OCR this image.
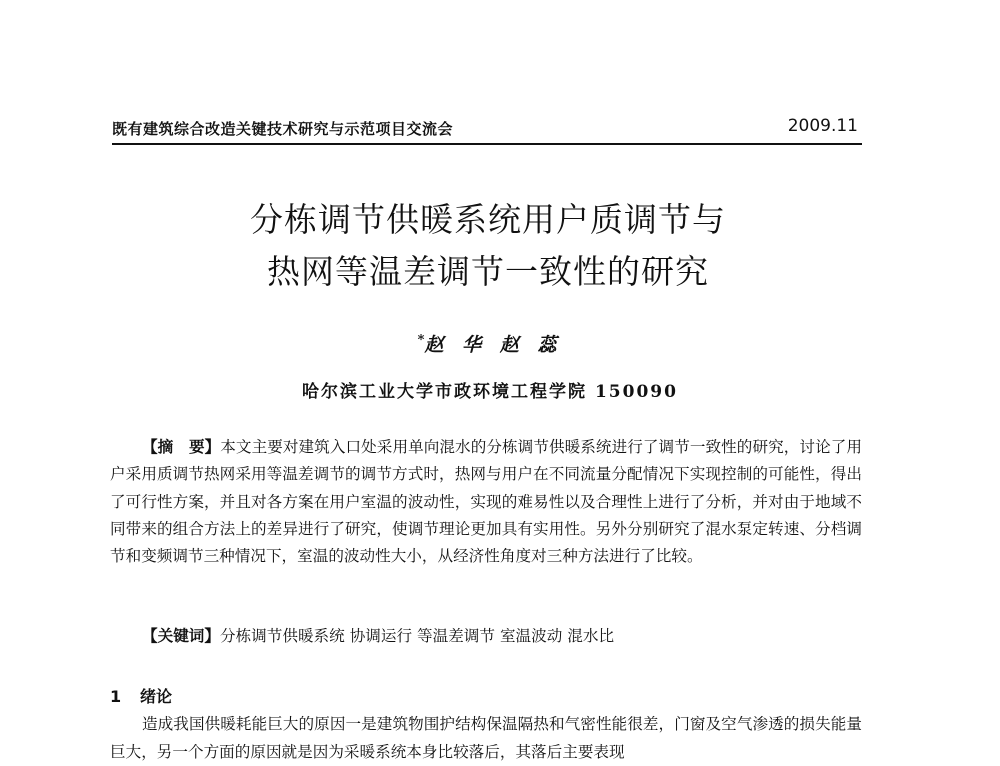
既有建筑综合改造关键技术研究与示范项目交流会	2009.11
分栋调节供暖系统用户质调节与
热网等温差调节一致性的研究
*赵 华 赵 蕊
哈尔滨工业大学市政环境工程学院 150090

【摘　要】本文主要对建筑入口处采用单向混水的分栋调节供暖系统进行了调节一致性的研究，讨论了用户采用质调节热网采用等温差调节的调节方式时，热网与用户在不同流量分配情况下实现控制的可能性，得出了可行性方案，并且对各方案在用户室温的波动性，实现的难易性以及合理性上进行了分析，并对由于地域不同带来的组合方法上的差异进行了研究，使调节理论更加具有实用性。另外分别研究了混水泵定转速、分档调节和变频调节三种情况下，室温的波动性大小，从经济性角度对三种方法进行了比较。

【关键词】分栋调节供暖系统 协调运行 等温差调节 室温波动 混水比

1 绪论

造成我国供暖耗能巨大的原因一是建筑物围护结构保温隔热和气密性能很差，门窗及空气渗透的损失能量巨大，另一个方面的原因就是因为采暖系统本身比较落后，其落后主要表现
